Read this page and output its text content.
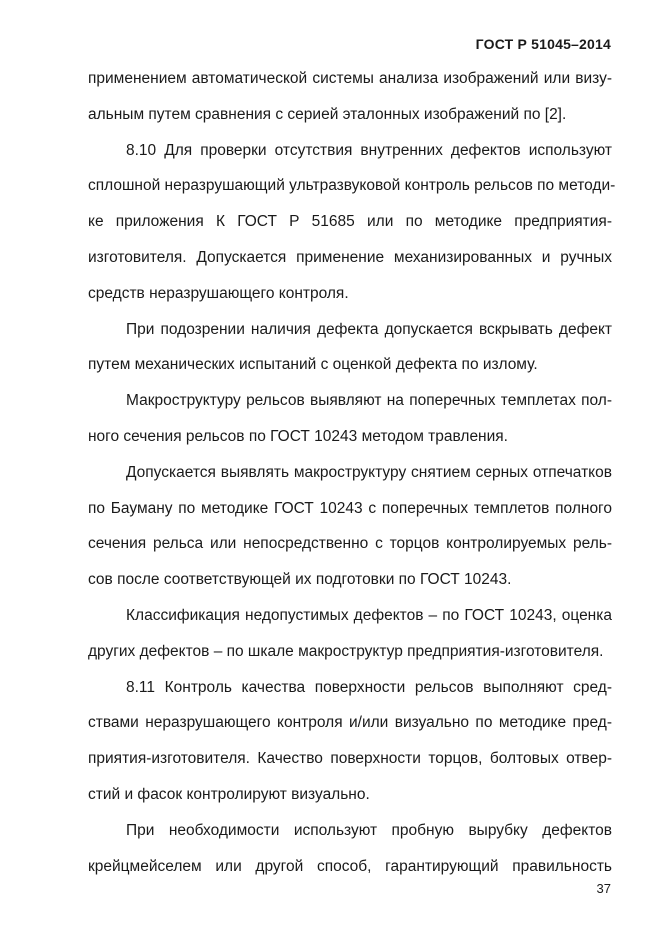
ГОСТ Р 51045–2014
применением автоматической системы анализа изображений или визу-
альным путем сравнения с серией эталонных изображений по [2].
8.10 Для проверки отсутствия внутренних дефектов используют
сплошной неразрушающий ультразвуковой контроль рельсов по методи-
ке приложения К ГОСТ Р 51685 или по методике предприятия-
изготовителя. Допускается применение механизированных и ручных
средств неразрушающего контроля.
При подозрении наличия дефекта допускается вскрывать дефект
путем механических испытаний с оценкой дефекта по излому.
Макроструктуру рельсов выявляют на поперечных темплетах пол-
ного сечения рельсов по ГОСТ 10243 методом травления.
Допускается выявлять макроструктуру снятием серных отпечатков
по Бауману по методике ГОСТ 10243 с поперечных темплетов полного
сечения рельса или непосредственно с торцов контролируемых рель-
сов после соответствующей их подготовки по ГОСТ 10243.
Классификация недопустимых дефектов – по ГОСТ 10243, оценка
других дефектов – по шкале макроструктур предприятия-изготовителя.
8.11 Контроль качества поверхности рельсов выполняют сред-
ствами неразрушающего контроля и/или визуально по методике пред-
приятия-изготовителя. Качество поверхности торцов, болтовых отвер-
стий и фасок контролируют визуально.
При необходимости используют пробную вырубку дефектов
крейцмейселем или другой способ, гарантирующий правильность
37
